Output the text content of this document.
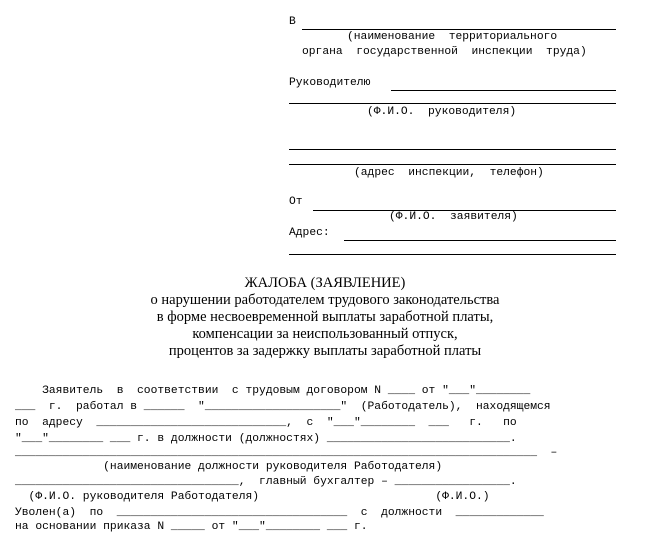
В
(наименование  территориального
органа  государственной  инспекции  труда)
Руководителю
(Ф.И.О.  руководителя)
(адрес  инспекции,  телефон)
От
(Ф.И.О.  заявителя)
Адрес:
ЖАЛОБА (ЗАЯВЛЕНИЕ)
о нарушении работодателем трудового законодательства
в форме несвоевременной выплаты заработной платы,
компенсации за неиспользованный отпуск,
процентов за задержку выплаты заработной платы
Заявитель  в  соответствии  с трудовым договором N ____ от "___"________
___  г.  работал в ______  "____________________"  (Работодатель),  находящемся
по  адресу  ____________________________,  с  "___"________  ___   г.   по
"___"________ ___ г. в должности (должностях) ___________________________.
_____________________________________________________________________________  –
(наименование должности руководителя Работодателя)
_________________________________,  главный бухгалтер – _________________.
(Ф.И.О. руководителя Работодателя)                          (Ф.И.О.)
Уволен(а)  по  __________________________________  с  должности  _____________
на основании приказа N _____ от "___"________ ___ г.
